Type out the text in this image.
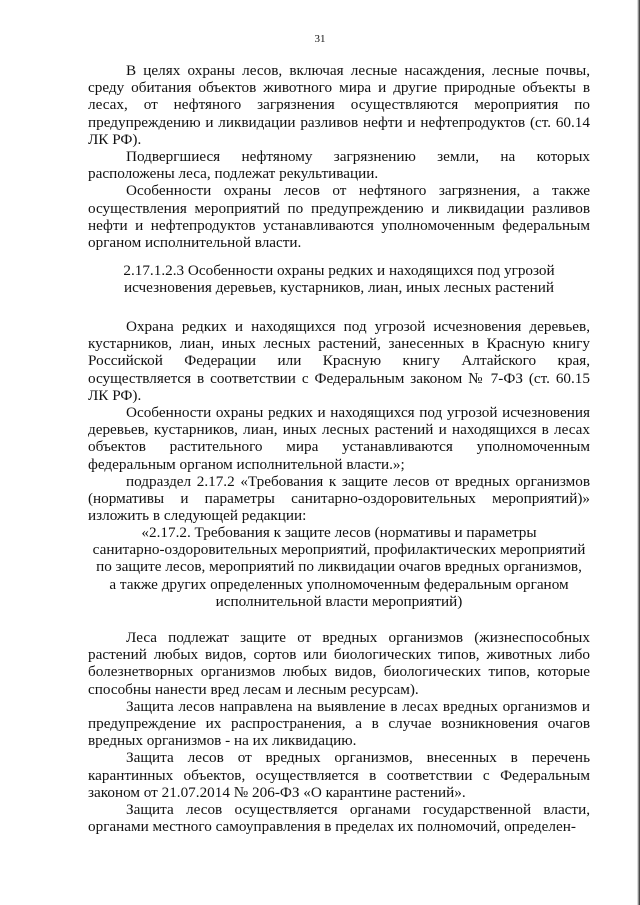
31

В целях охраны лесов, включая лесные насаждения, лесные почвы, среду обитания объектов животного мира и другие природные объекты в лесах, от нефтяного загрязнения осуществляются мероприятия по предупреждению и ликвидации разливов нефти и нефтепродуктов (ст. 60.14 ЛК РФ).

Подвергшиеся нефтяному загрязнению земли, на которых расположены леса, подлежат рекультивации.

Особенности охраны лесов от нефтяного загрязнения, а также осуществления мероприятий по предупреждению и ликвидации разливов нефти и нефтепродуктов устанавливаются уполномоченным федеральным органом исполнительной власти.

2.17.1.2.3 Особенности охраны редких и находящихся под угрозой

исчезновения деревьев, кустарников, лиан, иных лесных растений

Охрана редких и находящихся под угрозой исчезновения деревьев, кустарников, лиан, иных лесных растений, занесенных в Красную книгу Российской Федерации или Красную книгу Алтайского края, осуществляется в соответствии с Федеральным законом № 7-ФЗ (ст. 60.15 ЛК РФ).

Особенности охраны редких и находящихся под угрозой исчезновения деревьев, кустарников, лиан, иных лесных растений и находящихся в лесах объектов растительного мира устанавливаются уполномоченным федеральным органом исполнительной власти.»;

подраздел 2.17.2 «Требования к защите лесов от вредных организмов (нормативы и параметры санитарно-оздоровительных мероприятий)» изложить в следующей редакции:

«2.17.2. Требования к защите лесов (нормативы и параметры

санитарно-оздоровительных мероприятий, профилактических мероприятий

по защите лесов, мероприятий по ликвидации очагов вредных организмов,

а также других определенных уполномоченным федеральным органом

исполнительной власти мероприятий)

Леса подлежат защите от вредных организмов (жизнеспособных растений любых видов, сортов или биологических типов, животных либо болезнетворных организмов любых видов, биологических типов, которые способны нанести вред лесам и лесным ресурсам).

Защита лесов направлена на выявление в лесах вредных организмов и предупреждение их распространения, а в случае возникновения очагов вредных организмов - на их ликвидацию.

Защита лесов от вредных организмов, внесенных в перечень карантинных объектов, осуществляется в соответствии с Федеральным законом от 21.07.2014 № 206-ФЗ «О карантине растений».

Защита лесов осуществляется органами государственной власти, органами местного самоуправления в пределах их полномочий, определен-
